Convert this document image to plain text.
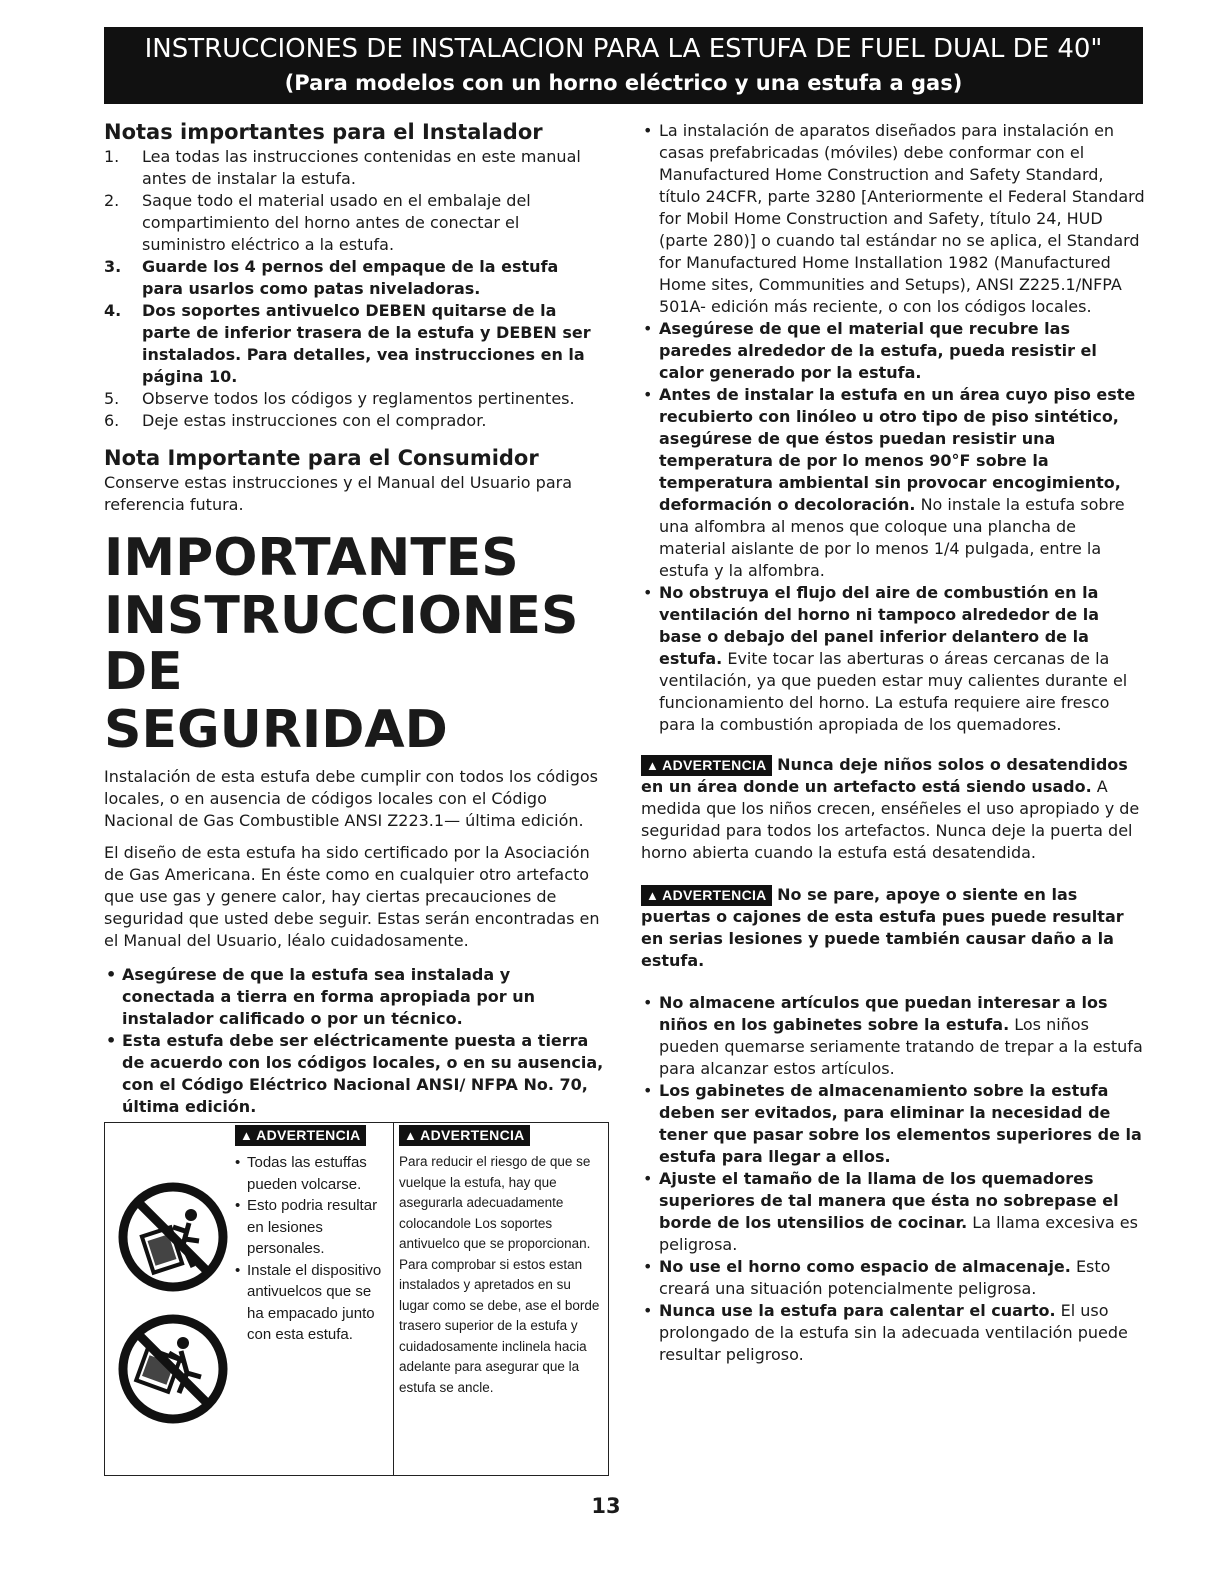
INSTRUCCIONES DE INSTALACION PARA LA ESTUFA DE FUEL DUAL DE 40"
(Para modelos con un horno eléctrico y una estufa a gas)
Notas importantes para el Instalador
1.	Lea todas las instrucciones contenidas en este manual antes de instalar la estufa.
2.	Saque todo el material usado en el embalaje del compartimiento del horno antes de conectar el suministro eléctrico a la estufa.
3.	Guarde los 4 pernos del empaque de la estufa para usarlos como patas niveladoras.
4.	Dos soportes antivuelco DEBEN quitarse de la parte de inferior trasera de la estufa y DEBEN ser instalados. Para detalles, vea instrucciones en la página 10.
5.	Observe todos los códigos y reglamentos pertinentes.
6.	Deje estas instrucciones con el comprador.
Nota Importante para el Consumidor
Conserve estas instrucciones y el Manual del Usuario para referencia futura.
IMPORTANTES
INSTRUCCIONES DE
SEGURIDAD
Instalación de esta estufa debe cumplir con todos los códigos locales, o en ausencia de códigos locales con el Código Nacional de Gas Combustible ANSI Z223.1— última edición.
El diseño de esta estufa ha sido certificado por la Asociación de Gas Americana. En éste como en cualquier otro artefacto que use gas y genere calor, hay ciertas precauciones de seguridad que usted debe seguir. Estas serán encontradas en el Manual del Usuario, léalo cuidadosamente.
• Asegúrese de que la estufa sea instalada y conectada a tierra en forma apropiada por un instalador calificado o por un técnico.
• Esta estufa debe ser eléctricamente puesta a tierra de acuerdo con los códigos locales, o en su ausencia, con el Código Eléctrico Nacional ANSI/ NFPA No. 70, última edición.
▲ ADVERTENCIA
• Todas las estuffas pueden volcarse.
• Esto podria resultar en lesiones personales.
• Instale el dispositivo antivuelcos que se ha empacado junto con esta estufa.
▲ ADVERTENCIA
Para reducir el riesgo de que se vuelque la estufa, hay que asegurarla adecuadamente colocandole Los soportes antivuelco que se proporcionan. Para comprobar si estos estan instalados y apretados en su lugar como se debe, ase el borde trasero superior de la estufa y cuidadosamente inclinela hacia adelante para asegurar que la estufa se ancle.
• La instalación de aparatos diseñados para instalación en casas prefabricadas (móviles) debe conformar con el Manufactured Home Construction and Safety Standard, título 24CFR, parte 3280 [Anteriormente el Federal Standard for Mobil Home Construction and Safety, título 24, HUD (parte 280)] o cuando tal estándar no se aplica, el Standard for Manufactured Home Installation 1982 (Manufactured Home sites, Communities and Setups), ANSI Z225.1/NFPA 501A- edición más reciente, o con los códigos locales.
• Asegúrese de que el material que recubre las paredes alrededor de la estufa, pueda resistir el calor generado por la estufa.
• Antes de instalar la estufa en un área cuyo piso este recubierto con linóleo u otro tipo de piso sintético, asegúrese de que éstos puedan resistir una temperatura de por lo menos 90°F sobre la temperatura ambiental sin provocar encogimiento, deformación o decoloración. No instale la estufa sobre una alfombra al menos que coloque una plancha de material aislante de por lo menos 1/4 pulgada, entre la estufa y la alfombra.
• No obstruya el flujo del aire de combustión en la ventilación del horno ni tampoco alrededor de la base o debajo del panel inferior delantero de la estufa. Evite tocar las aberturas o áreas cercanas de la ventilación, ya que pueden estar muy calientes durante el funcionamiento del horno. La estufa requiere aire fresco para la combustión apropiada de los quemadores.
▲ ADVERTENCIA Nunca deje niños solos o desatendidos en un área donde un artefacto está siendo usado. A medida que los niños crecen, enséñeles el uso apropiado y de seguridad para todos los artefactos. Nunca deje la puerta del horno abierta cuando la estufa está desatendida.
▲ ADVERTENCIA No se pare, apoye o siente en las puertas o cajones de esta estufa pues puede resultar en serias lesiones y puede también causar daño a la estufa.
• No almacene artículos que puedan interesar a los niños en los gabinetes sobre la estufa. Los niños pueden quemarse seriamente tratando de trepar a la estufa para alcanzar estos artículos.
• Los gabinetes de almacenamiento sobre la estufa deben ser evitados, para eliminar la necesidad de tener que pasar sobre los elementos superiores de la estufa para llegar a ellos.
• Ajuste el tamaño de la llama de los quemadores superiores de tal manera que ésta no sobrepase el borde de los utensilios de cocinar. La llama excesiva es peligrosa.
• No use el horno como espacio de almacenaje. Esto creará una situación potencialmente peligrosa.
• Nunca use la estufa para calentar el cuarto. El uso prolongado de la estufa sin la adecuada ventilación puede resultar peligroso.
13
